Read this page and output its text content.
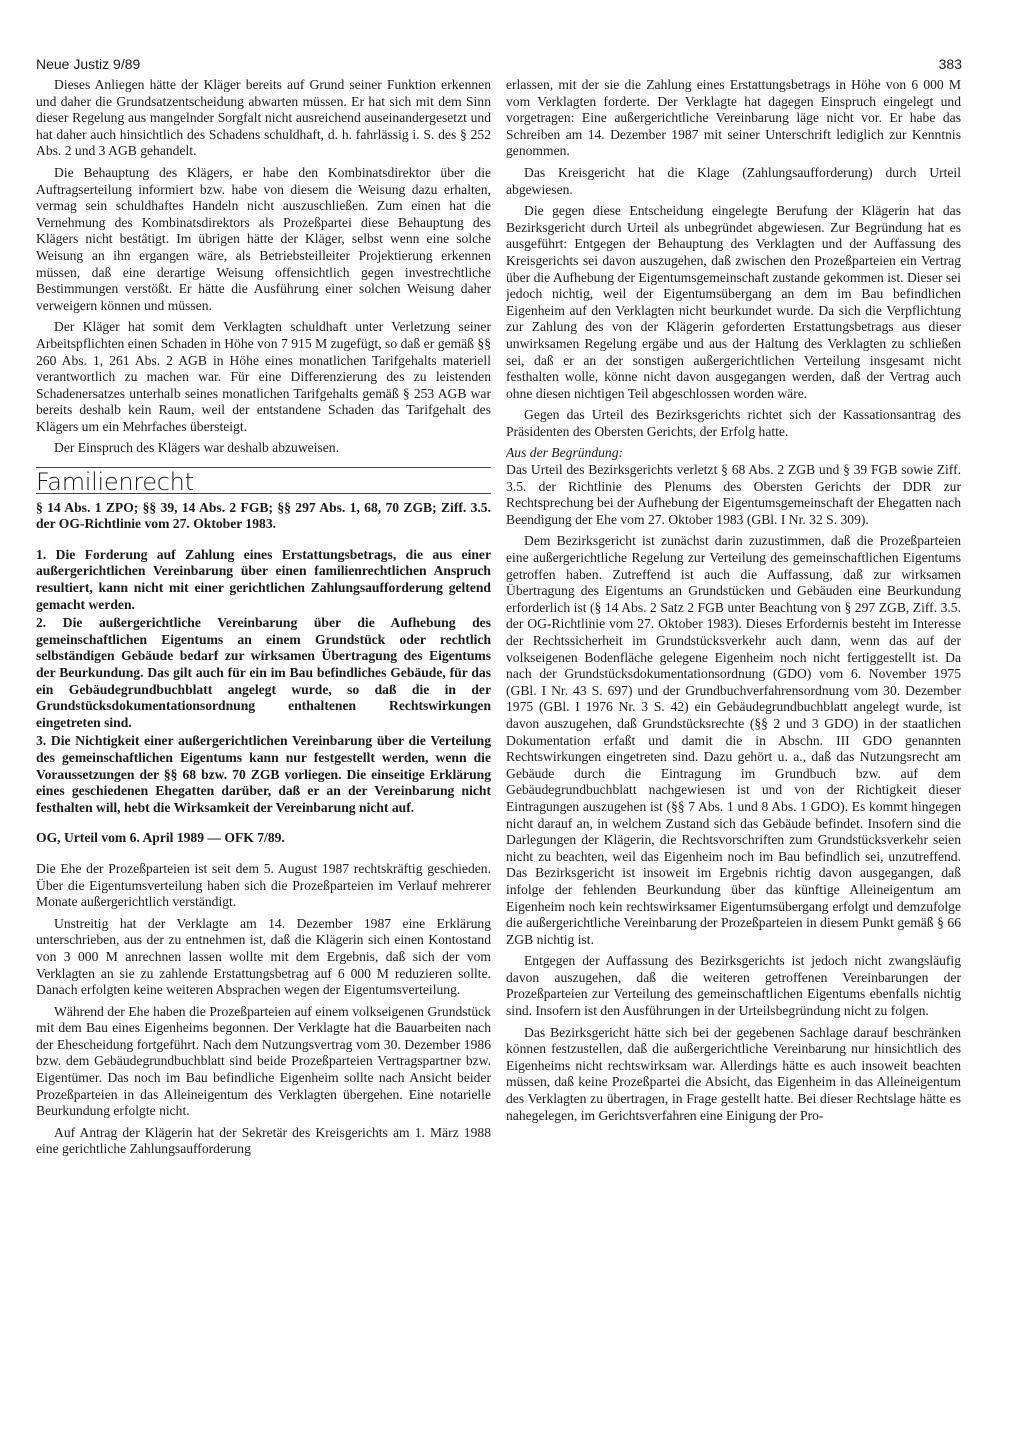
Neue Justiz 9/89	383

Dieses Anliegen hätte der Kläger bereits auf Grund seiner Funktion erkennen und daher die Grundsatzentscheidung abwarten müssen. Er hat sich mit dem Sinn dieser Regelung aus mangelnder Sorgfalt nicht ausreichend auseinandergesetzt und hat daher auch hinsichtlich des Schadens schuldhaft, d. h. fahrlässig i. S. des § 252 Abs. 2 und 3 AGB gehandelt.

Die Behauptung des Klägers, er habe den Kombinatsdirektor über die Auftragserteilung informiert bzw. habe von diesem die Weisung dazu erhalten, vermag sein schuldhaftes Handeln nicht auszuschließen. Zum einen hat die Vernehmung des Kombinatsdirektors als Prozeßpartei diese Behauptung des Klägers nicht bestätigt. Im übrigen hätte der Kläger, selbst wenn eine solche Weisung an ihn ergangen wäre, als Betriebsteilleiter Projektierung erkennen müssen, daß eine derartige Weisung offensichtlich gegen investrechtliche Bestimmungen verstößt. Er hätte die Ausführung einer solchen Weisung daher verweigern können und müssen.

Der Kläger hat somit dem Verklagten schuldhaft unter Verletzung seiner Arbeitspflichten einen Schaden in Höhe von 7 915 M zugefügt, so daß er gemäß §§ 260 Abs. 1, 261 Abs. 2 AGB in Höhe eines monatlichen Tarifgehalts materiell verantwortlich zu machen war. Für eine Differenzierung des zu leistenden Schadenersatzes unterhalb seines monatlichen Tarifgehalts gemäß § 253 AGB war bereits deshalb kein Raum, weil der entstandene Schaden das Tarifgehalt des Klägers um ein Mehrfaches übersteigt.

Der Einspruch des Klägers war deshalb abzuweisen.

Familienrecht

§ 14 Abs. 1 ZPO; §§ 39, 14 Abs. 2 FGB; §§ 297 Abs. 1, 68, 70 ZGB; Ziff. 3.5. der OG-Richtlinie vom 27. Oktober 1983.

1. Die Forderung auf Zahlung eines Erstattungsbetrags, die aus einer außergerichtlichen Vereinbarung über einen familienrechtlichen Anspruch resultiert, kann nicht mit einer gerichtlichen Zahlungsaufforderung geltend gemacht werden.

2. Die außergerichtliche Vereinbarung über die Aufhebung des gemeinschaftlichen Eigentums an einem Grundstück oder rechtlich selbständigen Gebäude bedarf zur wirksamen Übertragung des Eigentums der Beurkundung. Das gilt auch für ein im Bau befindliches Gebäude, für das ein Gebäudegrundbuchblatt angelegt wurde, so daß die in der Grundstücksdokumentationsordnung enthaltenen Rechtswirkungen eingetreten sind.

3. Die Nichtigkeit einer außergerichtlichen Vereinbarung über die Verteilung des gemeinschaftlichen Eigentums kann nur festgestellt werden, wenn die Voraussetzungen der §§ 68 bzw. 70 ZGB vorliegen. Die einseitige Erklärung eines geschiedenen Ehegatten darüber, daß er an der Vereinbarung nicht festhalten will, hebt die Wirksamkeit der Vereinbarung nicht auf.

OG, Urteil vom 6. April 1989 — OFK 7/89.

Die Ehe der Prozeßparteien ist seit dem 5. August 1987 rechtskräftig geschieden. Über die Eigentumsverteilung haben sich die Prozeßparteien im Verlauf mehrerer Monate außergerichtlich verständigt.

Unstreitig hat der Verklagte am 14. Dezember 1987 eine Erklärung unterschrieben, aus der zu entnehmen ist, daß die Klägerin sich einen Kontostand von 3 000 M anrechnen lassen wollte mit dem Ergebnis, daß sich der vom Verklagten an sie zu zahlende Erstattungsbetrag auf 6 000 M reduzieren sollte. Danach erfolgten keine weiteren Absprachen wegen der Eigentumsverteilung.

Während der Ehe haben die Prozeßparteien auf einem volkseigenen Grundstück mit dem Bau eines Eigenheims begonnen. Der Verklagte hat die Bauarbeiten nach der Ehescheidung fortgeführt. Nach dem Nutzungsvertrag vom 30. Dezember 1986 bzw. dem Gebäudegrundbuchblatt sind beide Prozeßparteien Vertragspartner bzw. Eigentümer. Das noch im Bau befindliche Eigenheim sollte nach Ansicht beider Prozeßparteien in das Alleineigentum des Verklagten übergehen. Eine notarielle Beurkundung erfolgte nicht.

Auf Antrag der Klägerin hat der Sekretär des Kreisgerichts am 1. März 1988 eine gerichtliche Zahlungsaufforderung

erlassen, mit der sie die Zahlung eines Erstattungsbetrags in Höhe von 6 000 M vom Verklagten forderte. Der Verklagte hat dagegen Einspruch eingelegt und vorgetragen: Eine außergerichtliche Vereinbarung läge nicht vor. Er habe das Schreiben am 14. Dezember 1987 mit seiner Unterschrift lediglich zur Kenntnis genommen.

Das Kreisgericht hat die Klage (Zahlungsaufforderung) durch Urteil abgewiesen.

Die gegen diese Entscheidung eingelegte Berufung der Klägerin hat das Bezirksgericht durch Urteil als unbegründet abgewiesen. Zur Begründung hat es ausgeführt: Entgegen der Behauptung des Verklagten und der Auffassung des Kreisgerichts sei davon auszugehen, daß zwischen den Prozeßparteien ein Vertrag über die Aufhebung der Eigentumsgemeinschaft zustande gekommen ist. Dieser sei jedoch nichtig, weil der Eigentumsübergang an dem im Bau befindlichen Eigenheim auf den Verklagten nicht beurkundet wurde. Da sich die Verpflichtung zur Zahlung des von der Klägerin geforderten Erstattungsbetrags aus dieser unwirksamen Regelung ergäbe und aus der Haltung des Verklagten zu schließen sei, daß er an der sonstigen außergerichtlichen Verteilung insgesamt nicht festhalten wolle, könne nicht davon ausgegangen werden, daß der Vertrag auch ohne diesen nichtigen Teil abgeschlossen worden wäre.

Gegen das Urteil des Bezirksgerichts richtet sich der Kassationsantrag des Präsidenten des Obersten Gerichts, der Erfolg hatte.

Aus der Begründung:

Das Urteil des Bezirksgerichts verletzt § 68 Abs. 2 ZGB und § 39 FGB sowie Ziff. 3.5. der Richtlinie des Plenums des Obersten Gerichts der DDR zur Rechtsprechung bei der Aufhebung der Eigentumsgemeinschaft der Ehegatten nach Beendigung der Ehe vom 27. Oktober 1983 (GBl. I Nr. 32 S. 309).

Dem Bezirksgericht ist zunächst darin zuzustimmen, daß die Prozeßparteien eine außergerichtliche Regelung zur Verteilung des gemeinschaftlichen Eigentums getroffen haben. Zutreffend ist auch die Auffassung, daß zur wirksamen Übertragung des Eigentums an Grundstücken und Gebäuden eine Beurkundung erforderlich ist (§ 14 Abs. 2 Satz 2 FGB unter Beachtung von § 297 ZGB, Ziff. 3.5. der OG-Richtlinie vom 27. Oktober 1983). Dieses Erfordernis besteht im Interesse der Rechtssicherheit im Grundstücksverkehr auch dann, wenn das auf der volkseigenen Bodenfläche gelegene Eigenheim noch nicht fertiggestellt ist. Da nach der Grundstücksdokumentationsordnung (GDO) vom 6. November 1975 (GBl. I Nr. 43 S. 697) und der Grundbuchverfahrensordnung vom 30. Dezember 1975 (GBl. I 1976 Nr. 3 S. 42) ein Gebäudegrundbuchblatt angelegt wurde, ist davon auszugehen, daß Grundstücksrechte (§§ 2 und 3 GDO) in der staatlichen Dokumentation erfaßt und damit die in Abschn. III GDO genannten Rechtswirkungen eingetreten sind. Dazu gehört u. a., daß das Nutzungsrecht am Gebäude durch die Eintragung im Grundbuch bzw. auf dem Gebäudegrundbuchblatt nachgewiesen ist und von der Richtigkeit dieser Eintragungen auszugehen ist (§§ 7 Abs. 1 und 8 Abs. 1 GDO). Es kommt hingegen nicht darauf an, in welchem Zustand sich das Gebäude befindet. Insofern sind die Darlegungen der Klägerin, die Rechtsvorschriften zum Grundstücksverkehr seien nicht zu beachten, weil das Eigenheim noch im Bau befindlich sei, unzutreffend. Das Bezirksgericht ist insoweit im Ergebnis richtig davon ausgegangen, daß infolge der fehlenden Beurkundung über das künftige Alleineigentum am Eigenheim noch kein rechtswirksamer Eigentumsübergang erfolgt und demzufolge die außergerichtliche Vereinbarung der Prozeßparteien in diesem Punkt gemäß § 66 ZGB nichtig ist.

Entgegen der Auffassung des Bezirksgerichts ist jedoch nicht zwangsläufig davon auszugehen, daß die weiteren getroffenen Vereinbarungen der Prozeßparteien zur Verteilung des gemeinschaftlichen Eigentums ebenfalls nichtig sind. Insofern ist den Ausführungen in der Urteilsbegründung nicht zu folgen.

Das Bezirksgericht hätte sich bei der gegebenen Sachlage darauf beschränken können festzustellen, daß die außergerichtliche Vereinbarung nur hinsichtlich des Eigenheims nicht rechtswirksam war. Allerdings hätte es auch insoweit beachten müssen, daß keine Prozeßpartei die Absicht, das Eigenheim in das Alleineigentum des Verklagten zu übertragen, in Frage gestellt hatte. Bei dieser Rechtslage hätte es nahegelegen, im Gerichtsverfahren eine Einigung der Pro-
